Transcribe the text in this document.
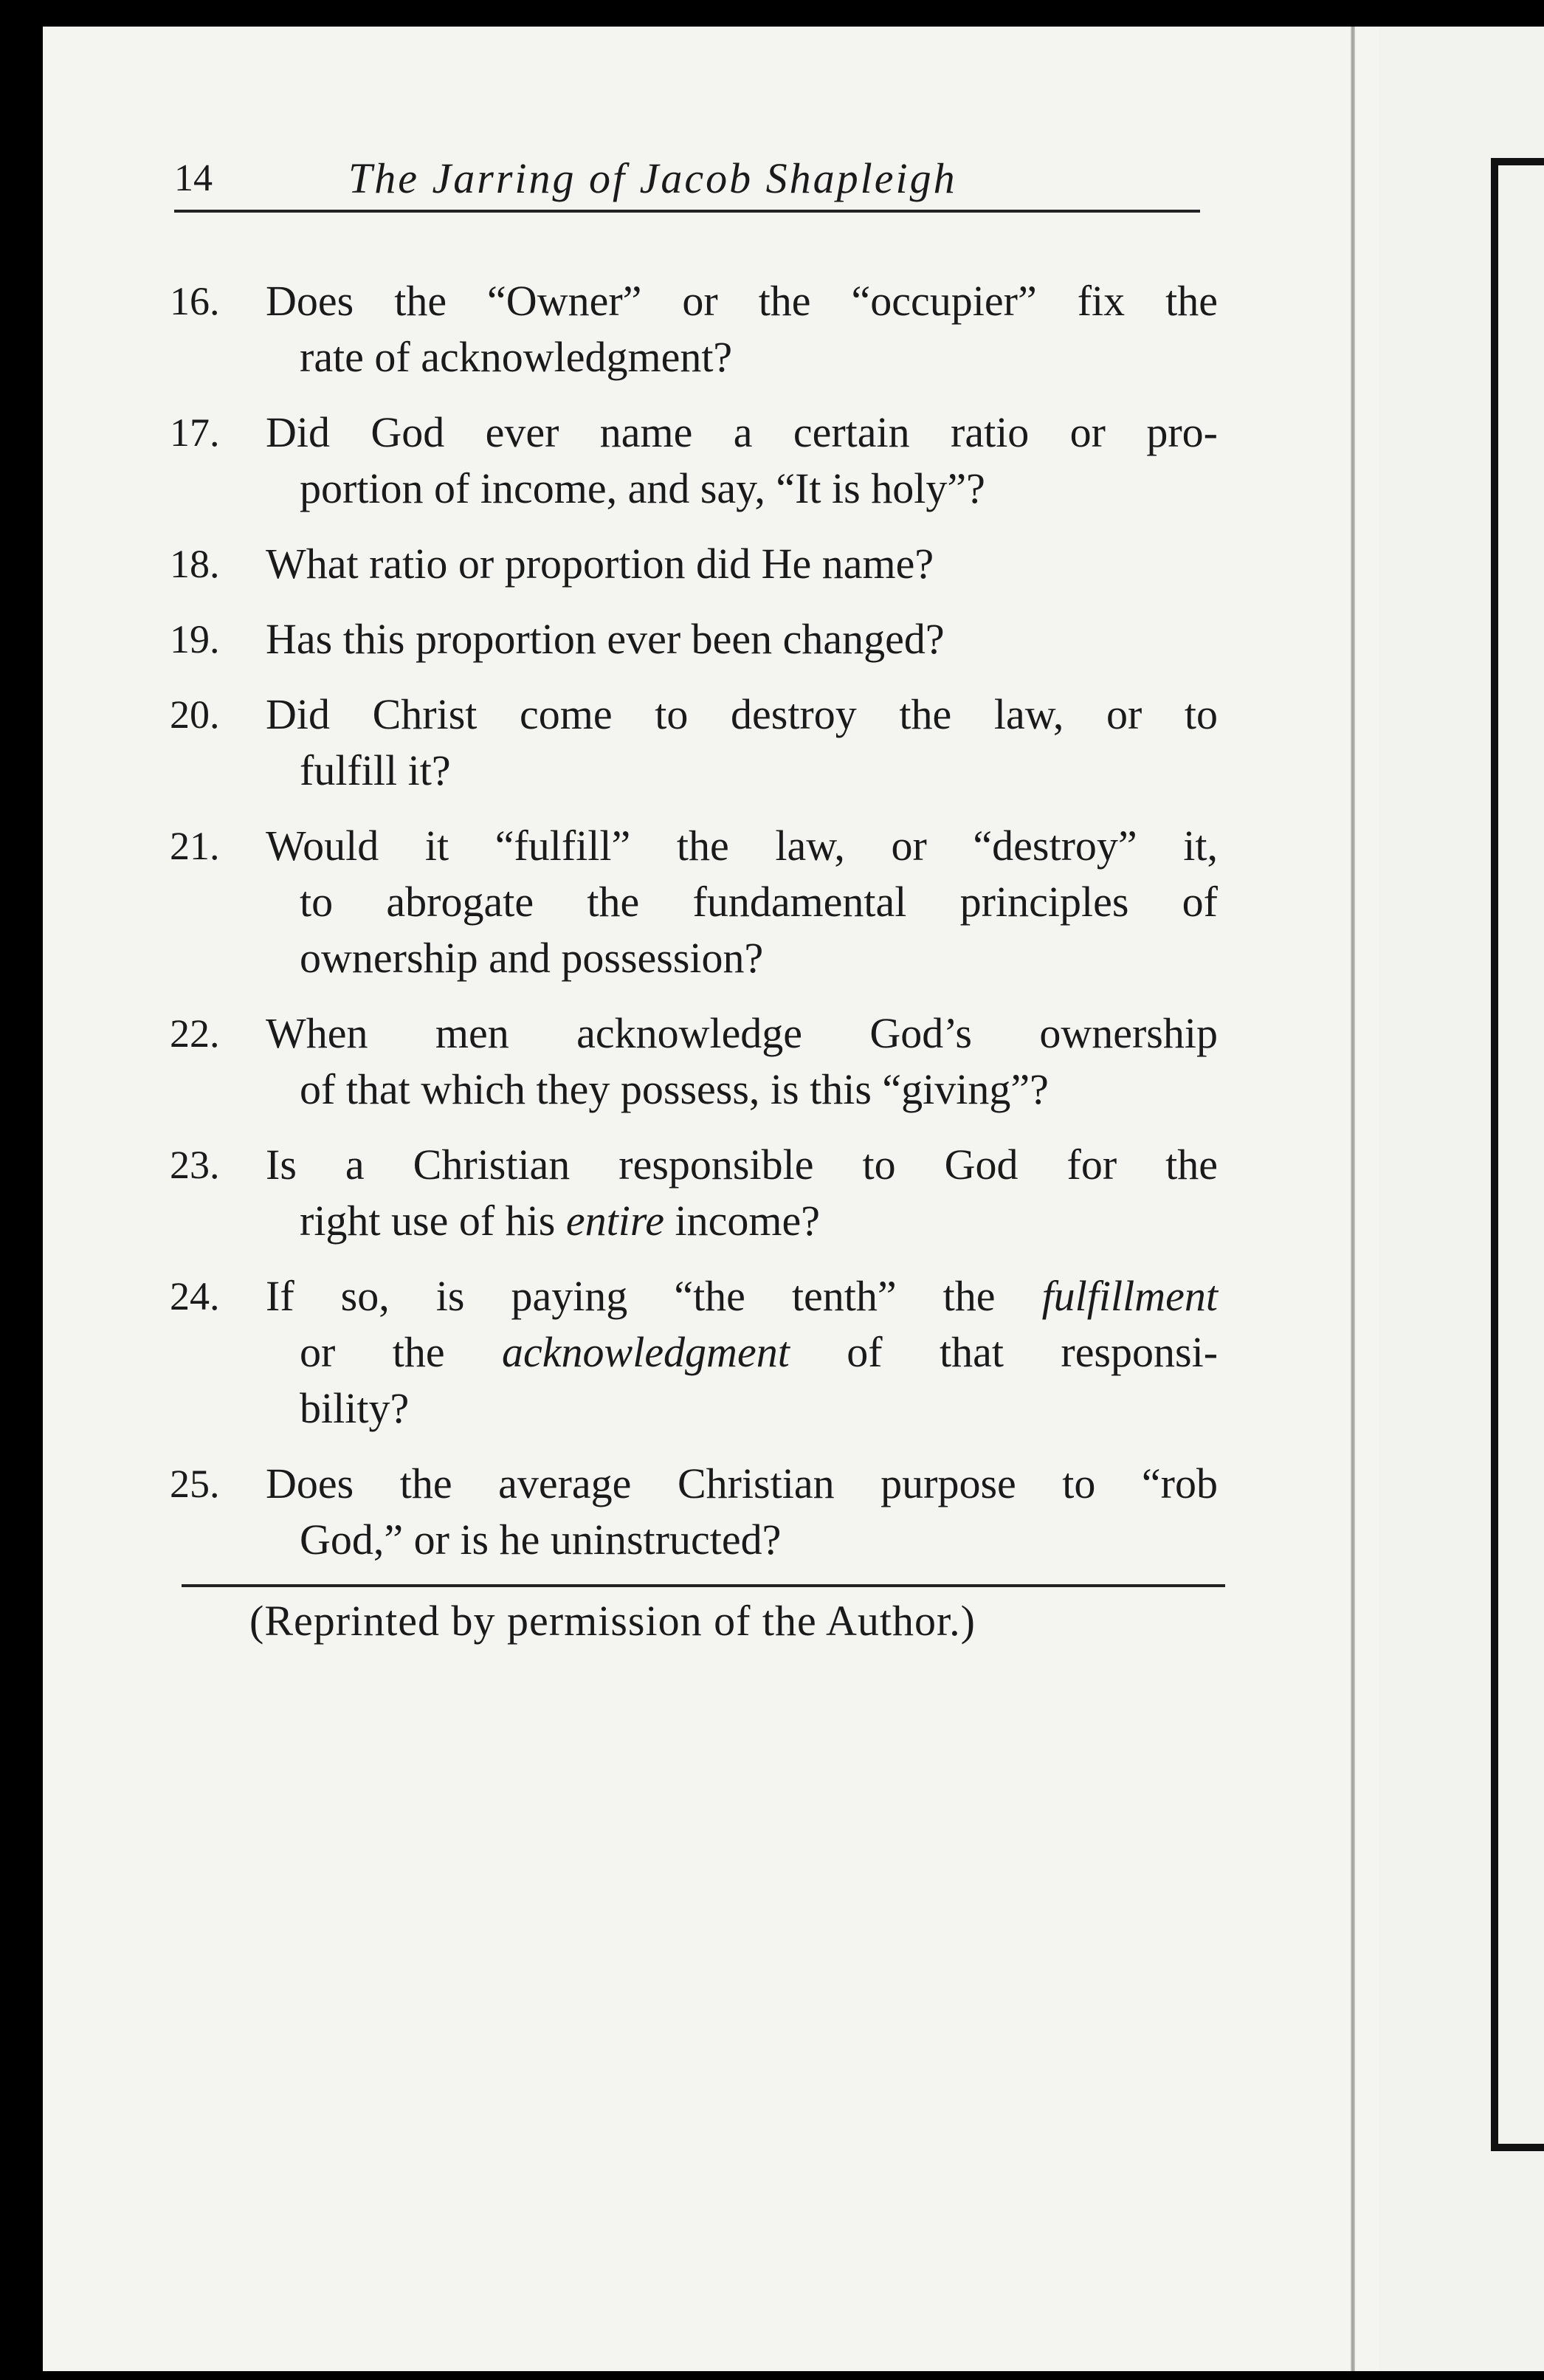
14	The Jarring of Jacob Shapleigh
16. Does the “Owner” or the “occupier” fix the
rate of acknowledgment?
17. Did God ever name a certain ratio or pro-
portion of income, and say, “It is holy”?
18. What ratio or proportion did He name?
19. Has this proportion ever been changed?
20. Did Christ come to destroy the law, or to
fulfill it?
21. Would it “fulfill” the law, or “destroy” it,
to abrogate the fundamental principles of
ownership and possession?
22. When men acknowledge God’s ownership
of that which they possess, is this “giving”?
23. Is a Christian responsible to God for the
right use of his entire income?
24. If so, is paying “the tenth” the fulfillment
or the acknowledgment of that responsi-
bility?
25. Does the average Christian purpose to “rob
God,” or is he uninstructed?
(Reprinted by permission of the Author.)
